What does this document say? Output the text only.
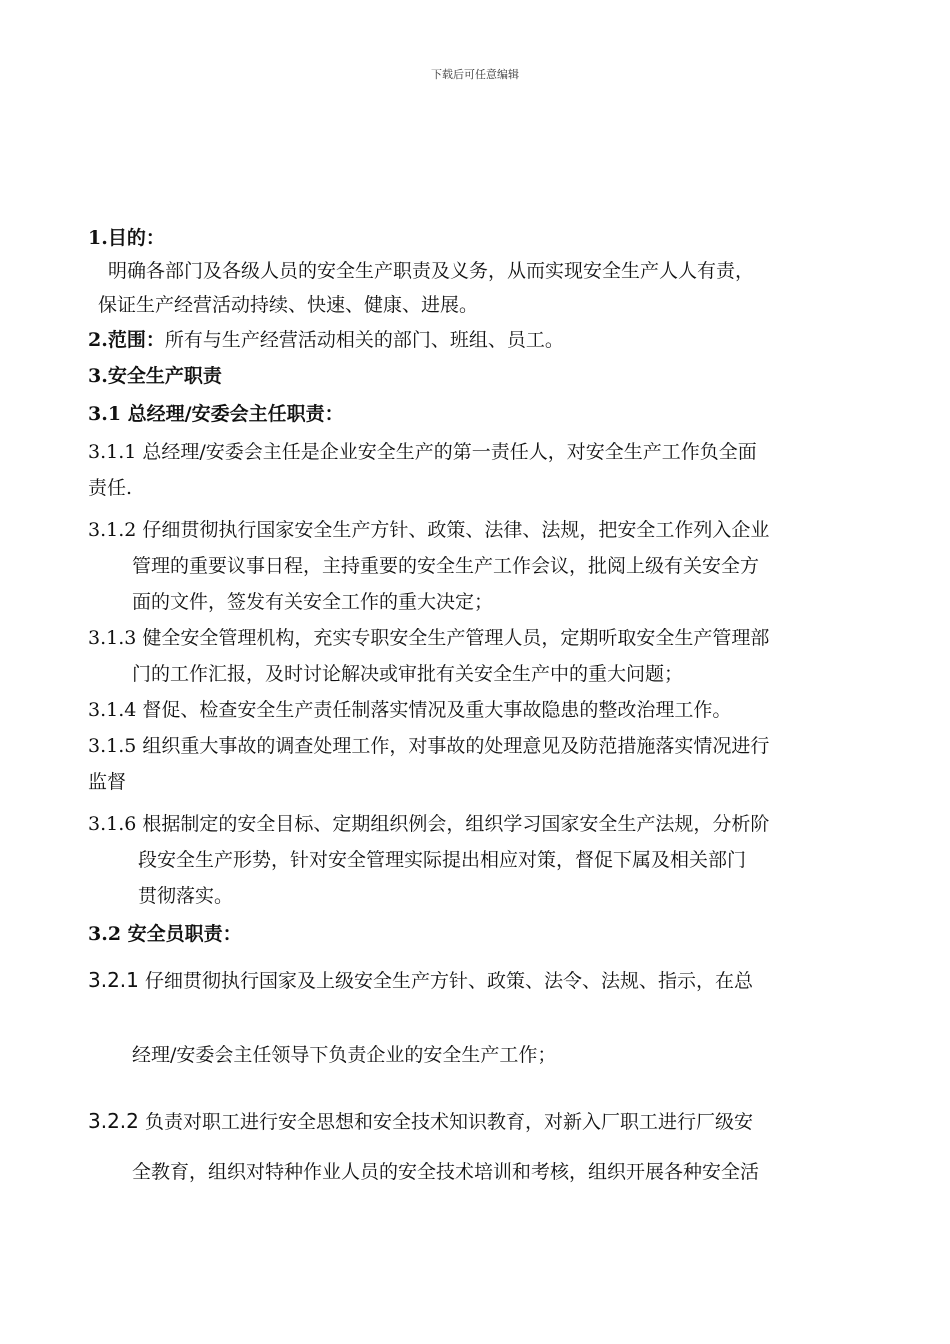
下载后可任意编辑
1.目的：
明确各部门及各级人员的安全生产职责及义务，从而实现安全生产人人有责，
保证生产经营活动持续、快速、健康、进展。
2.范围：所有与生产经营活动相关的部门、班组、员工。
3.安全生产职责
3.1 总经理/安委会主任职责：
3.1.1 总经理/安委会主任是企业安全生产的第一责任人，对安全生产工作负全面
责任.
3.1.2 仔细贯彻执行国家安全生产方针、政策、法律、法规，把安全工作列入企业
管理的重要议事日程，主持重要的安全生产工作会议，批阅上级有关安全方
面的文件，签发有关安全工作的重大决定；
3.1.3 健全安全管理机构，充实专职安全生产管理人员，定期听取安全生产管理部
门的工作汇报，及时讨论解决或审批有关安全生产中的重大问题；
3.1.4 督促、检查安全生产责任制落实情况及重大事故隐患的整改治理工作。
3.1.5 组织重大事故的调查处理工作，对事故的处理意见及防范措施落实情况进行
监督
3.1.6 根据制定的安全目标、定期组织例会，组织学习国家安全生产法规，分析阶
段安全生产形势，针对安全管理实际提出相应对策，督促下属及相关部门
贯彻落实。
3.2 安全员职责：
3.2.1 仔细贯彻执行国家及上级安全生产方针、政策、法令、法规、指示，在总
经理/安委会主任领导下负责企业的安全生产工作；
3.2.2 负责对职工进行安全思想和安全技术知识教育，对新入厂职工进行厂级安
全教育，组织对特种作业人员的安全技术培训和考核，组织开展各种安全活
